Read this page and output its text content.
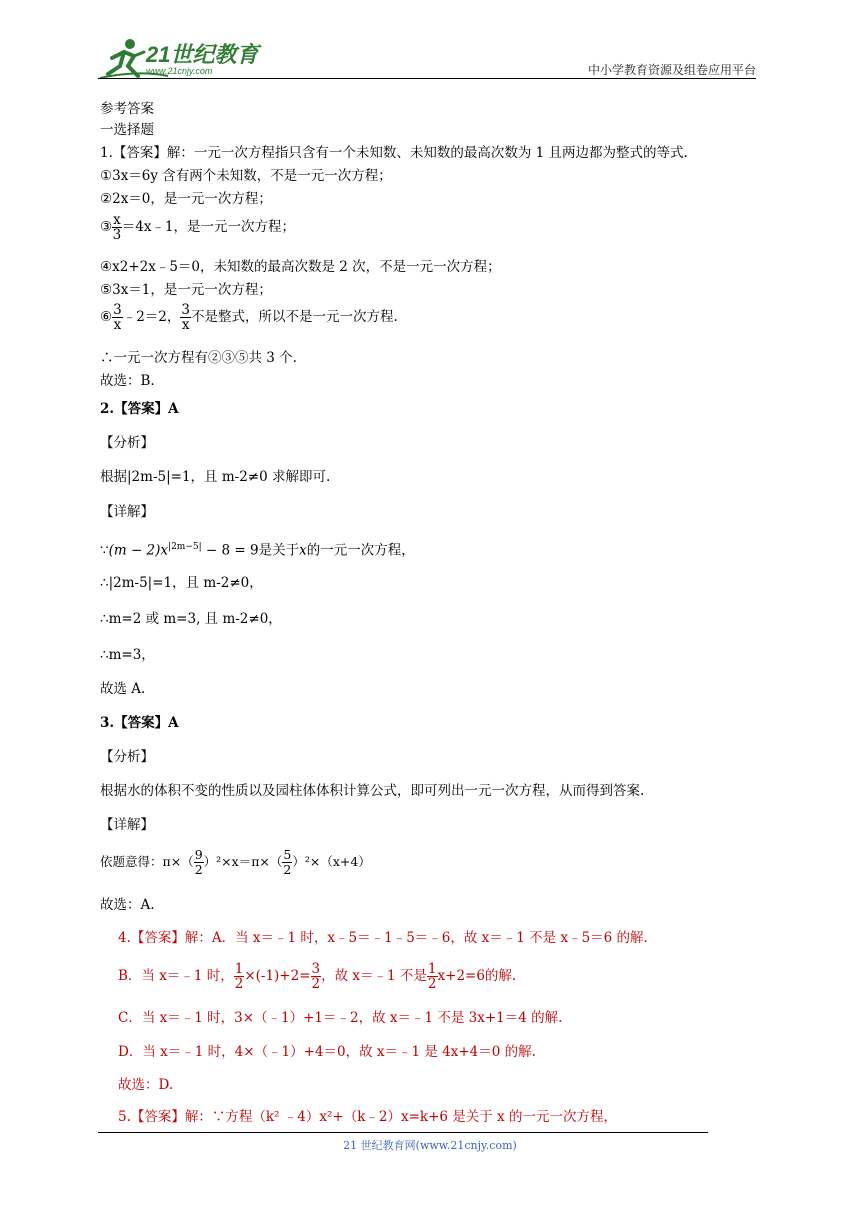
21世纪教育
www.21cnjy.com	中小学教育资源及组卷应用平台
参考答案
一选择题
1.【答案】解：一元一次方程指只含有一个未知数、未知数的最高次数为 1 且两边都为整式的等式.
①3x＝6y 含有两个未知数，不是一元一次方程；
②2x＝0，是一元一次方程；
③ $\frac{x}{3}$ ＝4x﹣1，是一元一次方程；
④x2+2x﹣5＝0，未知数的最高次数是 2 次，不是一元一次方程；
⑤3x＝1，是一元一次方程；
⑥ $\frac{3}{x}$ ﹣2＝2， $\frac{3}{x}$ 不是整式，所以不是一元一次方程.
∴一元一次方程有②③⑤共 3 个.
故选：B.
2.【答案】A
【分析】
根据|2m-5|=1，且 m-2≠0 求解即可.
【详解】
∵(m − $2)x^{|2m-5|} - 8 = 9$是关于x的一元一次方程，
∴|2m-5|=1，且 m-2≠0，
∴m=2 或 m=3, 且 m-2≠0，
∴m=3，
故选 A.
3.【答案】A
【分析】
根据水的体积不变的性质以及园柱体体积计算公式，即可列出一元一次方程，从而得到答案.
【详解】
依题意得：$\pi\times( \frac{9}{2} )^2\times x=\pi\times( \frac{5}{2} )^2\times(x+4)$
故选：A.
4.【答案】解：A．当 x＝﹣1 时，x﹣5＝﹣1﹣5＝﹣6，故 x＝﹣1 不是 x﹣5＝6 的解.
B．当 x＝﹣1 时， $\frac{1}{2} \times(-1)+2= \frac{3}{2}$ ，故 x＝﹣1 不是 $\frac{1}{2} x+2=6$的解.
C．当 x＝﹣1 时，3×（﹣1）+1＝﹣2，故 x＝﹣1 不是 3x+1＝4 的解.
D．当 x＝﹣1 时，4×（﹣1）+4＝0，故 x＝﹣1 是 4x+4＝0 的解.
故选：D.
5.【答案】解：∵方程（k² ﹣4）x²+（k﹣2）x=k+6 是关于 x 的一元一次方程，
21 世纪教育网(www.21cnjy.com)
